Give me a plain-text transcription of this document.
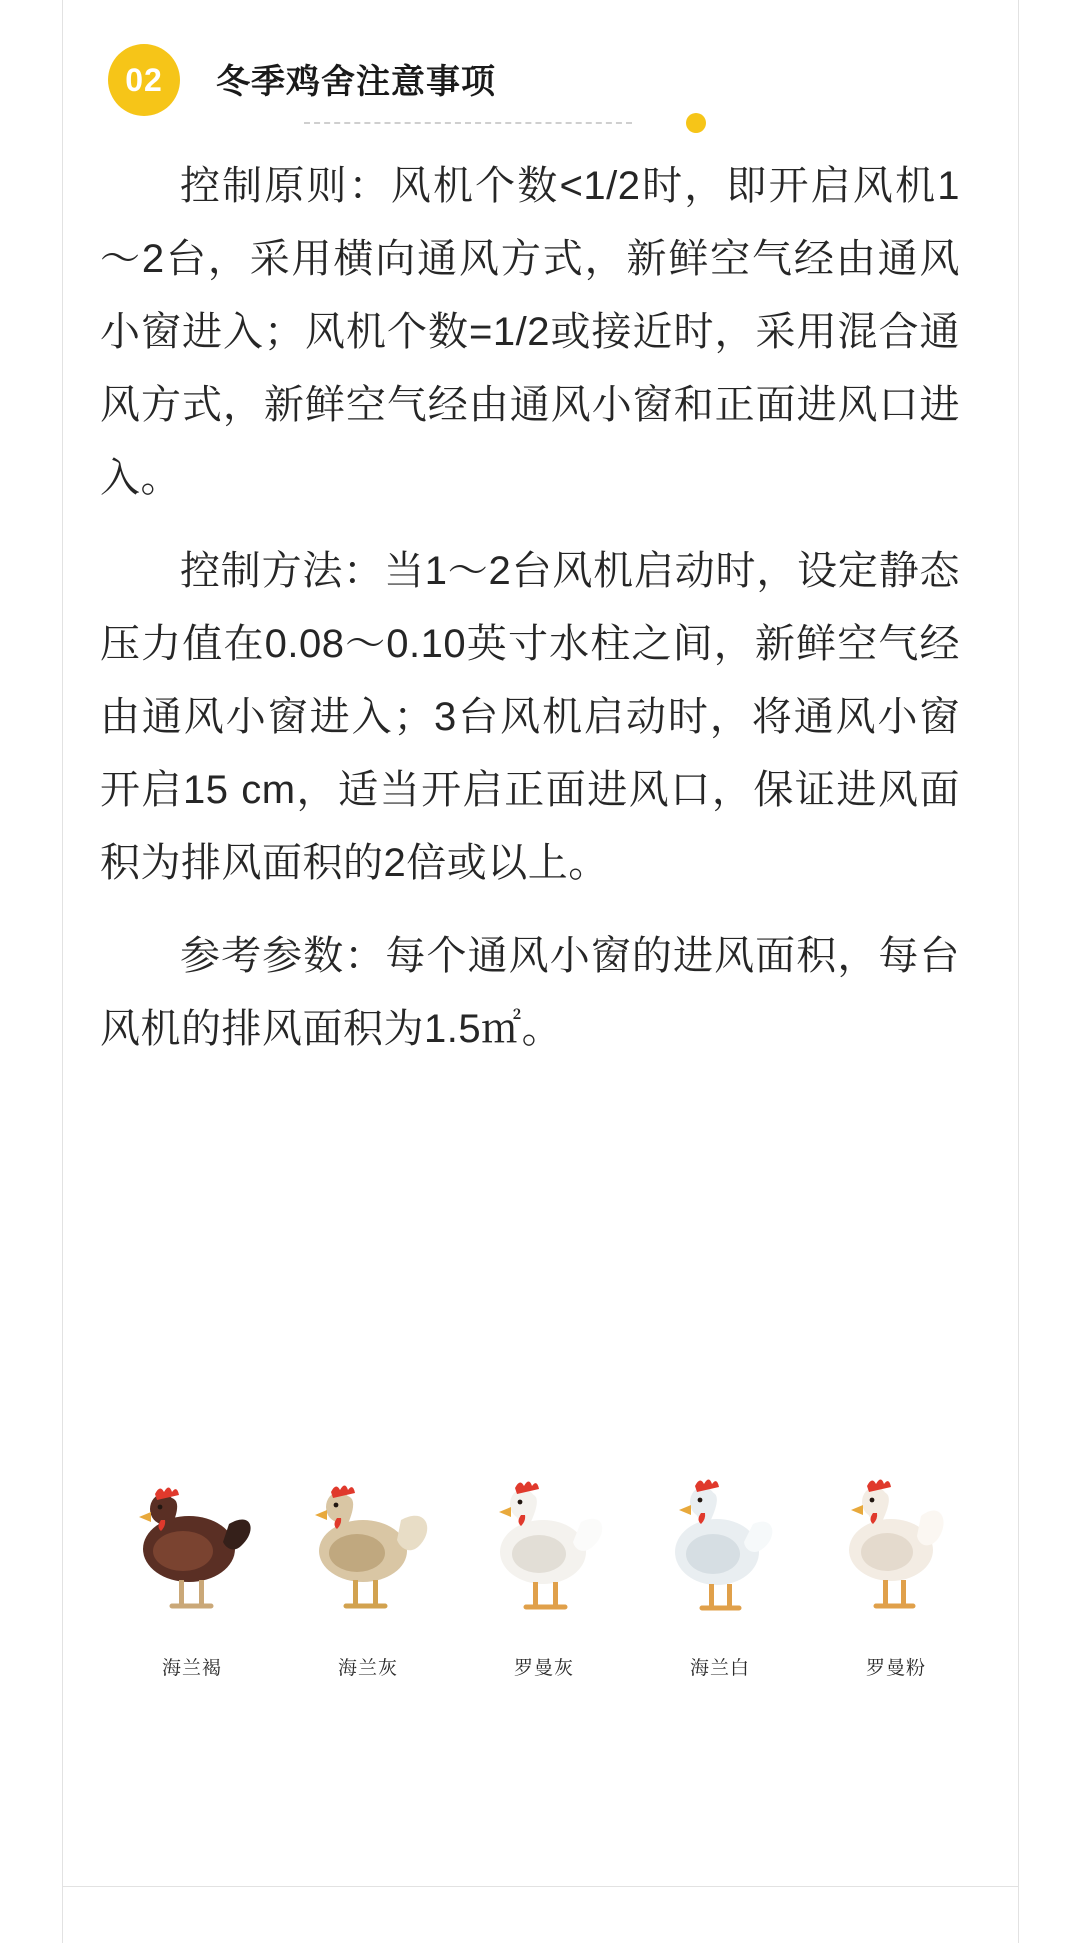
02	冬季鸡舍注意事项

控制原则：风机个数<1/2时，即开启风机1～2台，采用横向通风方式，新鲜空气经由通风小窗进入；风机个数=1/2或接近时，采用混合通风方式，新鲜空气经由通风小窗和正面进风口进入。

控制方法：当1～2台风机启动时，设定静态压力值在0.08～0.10英寸水柱之间，新鲜空气经由通风小窗进入；3台风机启动时，将通风小窗开启15 cm，适当开启正面进风口，保证进风面积为排风面积的2倍或以上。

参考参数：每个通风小窗的进风面积，每台风机的排风面积为1.5㎡。

海兰褐	海兰灰	罗曼灰	海兰白	罗曼粉
